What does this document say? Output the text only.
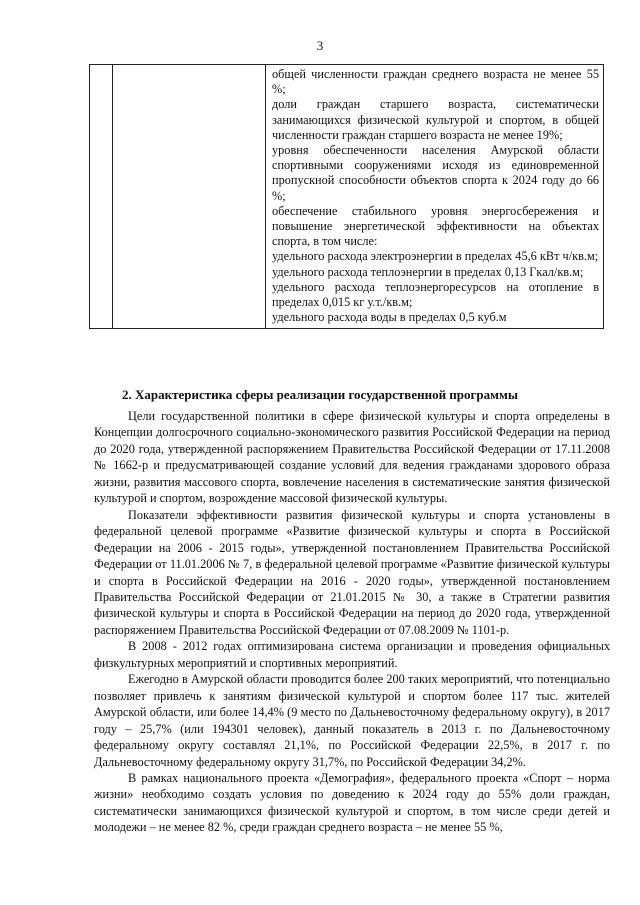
3

общей численности граждан среднего возраста не менее 55 %;

доли граждан старшего возраста, систематически занимающихся физической культурой и спортом, в общей численности граждан старшего возраста не менее 19%;

уровня обеспеченности населения Амурской области спортивными сооружениями исходя из единовременной пропускной способности объектов спорта к 2024 году до 66 %;

обеспечение стабильного уровня энергосбережения и повышение энергетической эффективности на объектах спорта, в том числе:

удельного расхода электроэнергии в пределах 45,6 кВт ч/кв.м;

удельного расхода теплоэнергии в пределах 0,13 Гкал/кв.м;

удельного расхода теплоэнергоресурсов на отопление в пределах 0,015 кг у.т./кв.м;

удельного расхода воды в пределах 0,5 куб.м

2. Характеристика сферы реализации государственной программы

Цели государственной политики в сфере физической культуры и спорта определены в Концепции долгосрочного социально-экономического развития Российской Федерации на период до 2020 года, утвержденной распоряжением Правительства Российской Федерации от 17.11.2008 № 1662-р и предусматривающей создание условий для ведения гражданами здорового образа жизни, развития массового спорта, вовлечение населения в систематические занятия физической культурой и спортом, возрождение массовой физической культуры.

Показатели эффективности развития физической культуры и спорта установлены в федеральной целевой программе «Развитие физической культуры и спорта в Российской Федерации на 2006 - 2015 годы», утвержденной постановлением Правительства Российской Федерации от 11.01.2006 № 7, в федеральной целевой программе «Развитие физической культуры и спорта в Российской Федерации на 2016 - 2020 годы», утвержденной постановлением Правительства Российской Федерации от 21.01.2015 № 30, а также в Стратегии развития физической культуры и спорта в Российской Федерации на период до 2020 года, утвержденной распоряжением Правительства Российской Федерации от 07.08.2009 № 1101-р.

В 2008 - 2012 годах оптимизирована система организации и проведения официальных физкультурных мероприятий и спортивных мероприятий.

Ежегодно в Амурской области проводится более 200 таких мероприятий, что потенциально позволяет привлечь к занятиям физической культурой и спортом более 117 тыс. жителей Амурской области, или более 14,4% (9 место по Дальневосточному федеральному округу), в 2017 году – 25,7% (или 194301 человек), данный показатель в 2013 г. по Дальневосточному федеральному округу составлял 21,1%, по Российской Федерации 22,5%, в 2017 г. по Дальневосточному федеральному округу 31,7%, по Российской Федерации 34,2%.

В рамках национального проекта «Демография», федерального проекта «Спорт – норма жизни» необходимо создать условия по доведению к 2024 году до 55% доли граждан, систематически занимающихся физической культурой и спортом, в том числе среди детей и молодежи – не менее 82 %, среди граждан среднего возраста – не менее 55 %,
